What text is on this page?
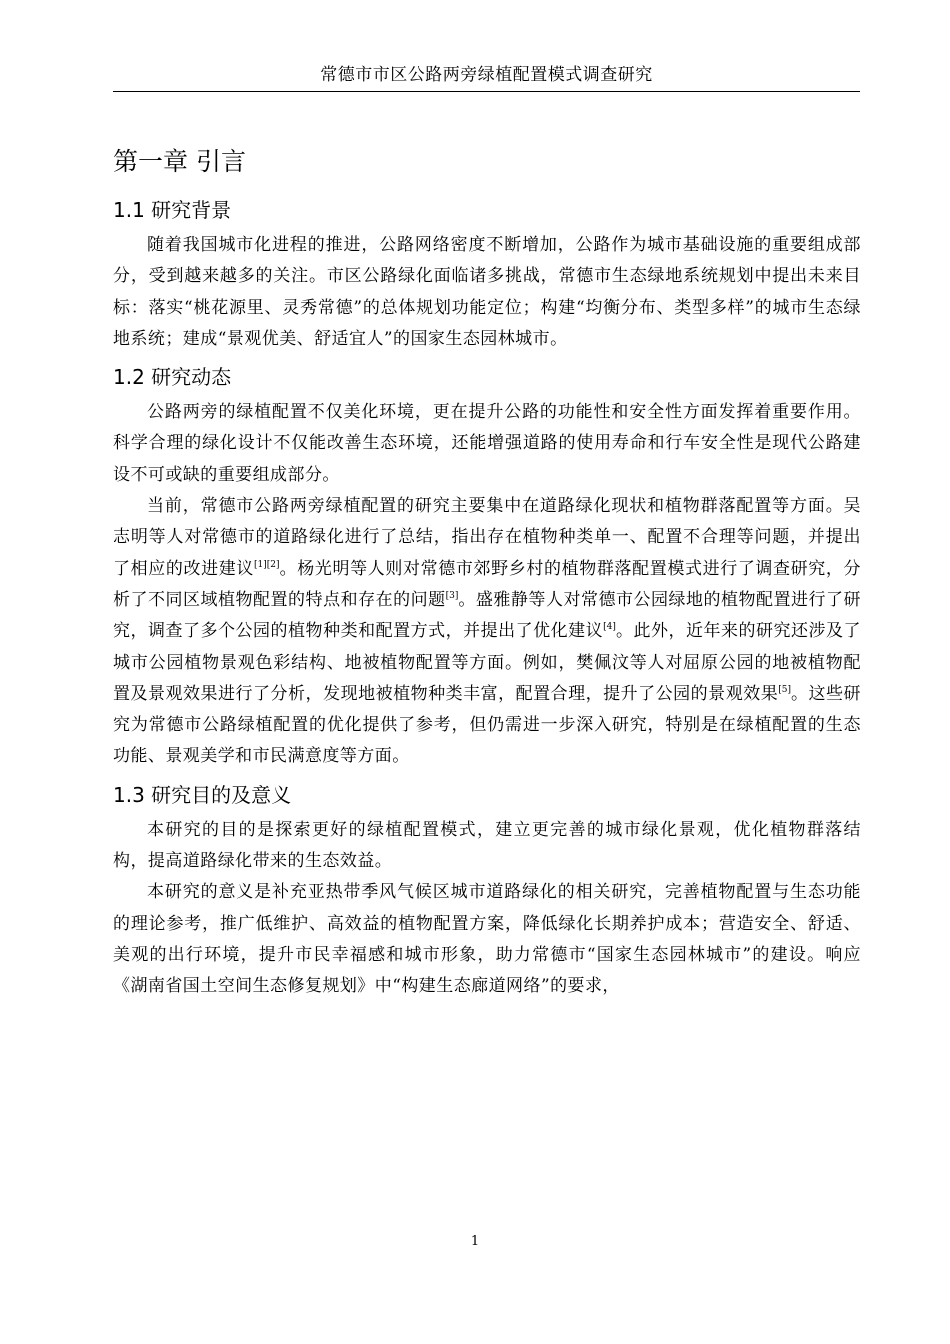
常德市市区公路两旁绿植配置模式调查研究
第一章 引言
1.1 研究背景

随着我国城市化进程的推进，公路网络密度不断增加，公路作为城市基础设施的重要组成部分，受到越来越多的关注。市区公路绿化面临诸多挑战，常德市生态绿地系统规划中提出未来目标：落实“桃花源里、灵秀常德”的总体规划功能定位；构建“均衡分布、类型多样”的城市生态绿地系统；建成“景观优美、舒适宜人”的国家生态园林城市。

1.2 研究动态

公路两旁的绿植配置不仅美化环境，更在提升公路的功能性和安全性方面发挥着重要作用。科学合理的绿化设计不仅能改善生态环境，还能增强道路的使用寿命和行车安全性是现代公路建设不可或缺的重要组成部分。

当前，常德市公路两旁绿植配置的研究主要集中在道路绿化现状和植物群落配置等方面。吴志明等人对常德市的道路绿化进行了总结，指出存在植物种类单一、配置不合理等问题，并提出了相应的改进建议[1][2]。杨光明等人则对常德市郊野乡村的植物群落配置模式进行了调查研究，分析了不同区域植物配置的特点和存在的问题[3]。盛雅静等人对常德市公园绿地的植物配置进行了研究，调查了多个公园的植物种类和配置方式，并提出了优化建议[4]。此外，近年来的研究还涉及了城市公园植物景观色彩结构、地被植物配置等方面。例如，樊佩汶等人对屈原公园的地被植物配置及景观效果进行了分析，发现地被植物种类丰富，配置合理，提升了公园的景观效果[5]。这些研究为常德市公路绿植配置的优化提供了参考，但仍需进一步深入研究，特别是在绿植配置的生态功能、景观美学和市民满意度等方面。

1.3 研究目的及意义

本研究的目的是探索更好的绿植配置模式，建立更完善的城市绿化景观，优化植物群落结构，提高道路绿化带来的生态效益。

本研究的意义是补充亚热带季风气候区城市道路绿化的相关研究，完善植物配置与生态功能的理论参考，推广低维护、高效益的植物配置方案，降低绿化长期养护成本；营造安全、舒适、美观的出行环境，提升市民幸福感和城市形象，助力常德市“国家生态园林城市”的建设。响应《湖南省国土空间生态修复规划》中“构建生态廊道网络”的要求，

1
